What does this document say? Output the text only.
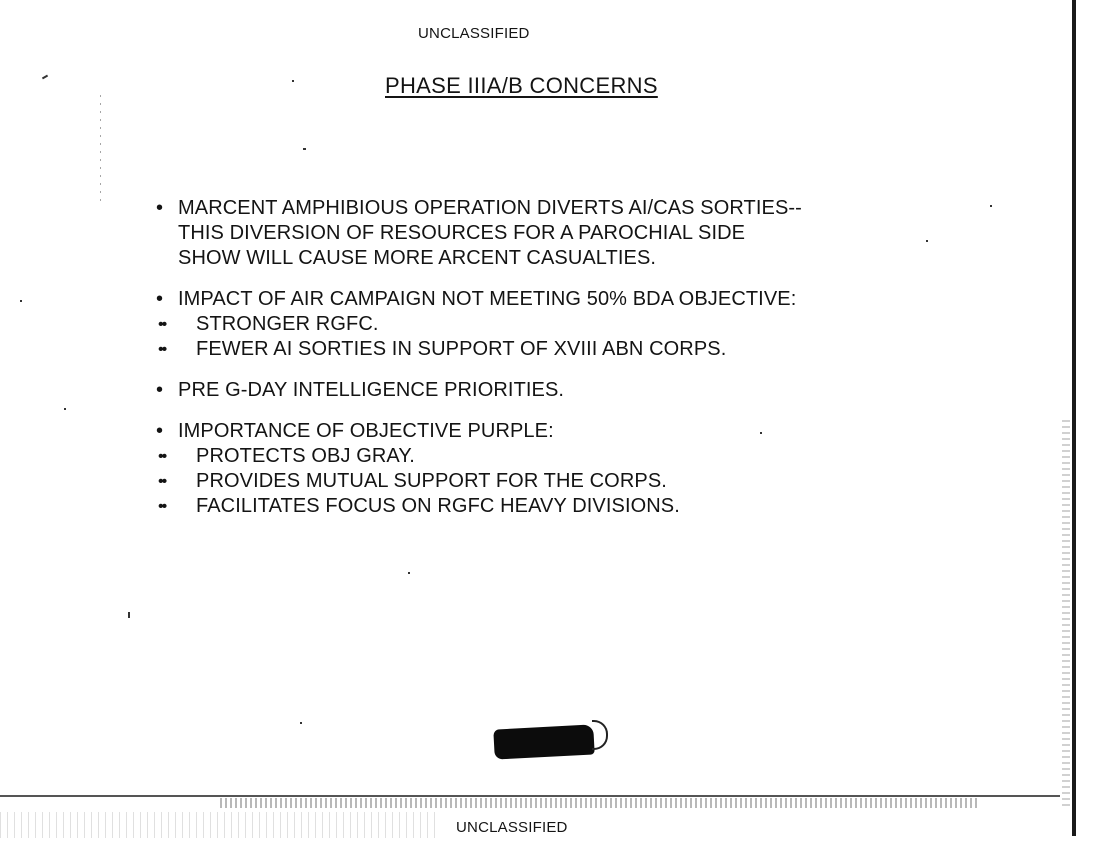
UNCLASSIFIED
PHASE IIIA/B CONCERNS
• MARCENT AMPHIBIOUS OPERATION DIVERTS AI/CAS SORTIES--
THIS DIVERSION OF RESOURCES FOR A PAROCHIAL SIDE
SHOW WILL CAUSE MORE ARCENT CASUALTIES.
• IMPACT OF AIR CAMPAIGN NOT MEETING 50% BDA OBJECTIVE:
•• STRONGER RGFC.
•• FEWER AI SORTIES IN SUPPORT OF XVIII ABN CORPS.
• PRE G-DAY INTELLIGENCE PRIORITIES.
• IMPORTANCE OF OBJECTIVE PURPLE:
•• PROTECTS OBJ GRAY.
•• PROVIDES MUTUAL SUPPORT FOR THE CORPS.
•• FACILITATES FOCUS ON RGFC HEAVY DIVISIONS.
UNCLASSIFIED
